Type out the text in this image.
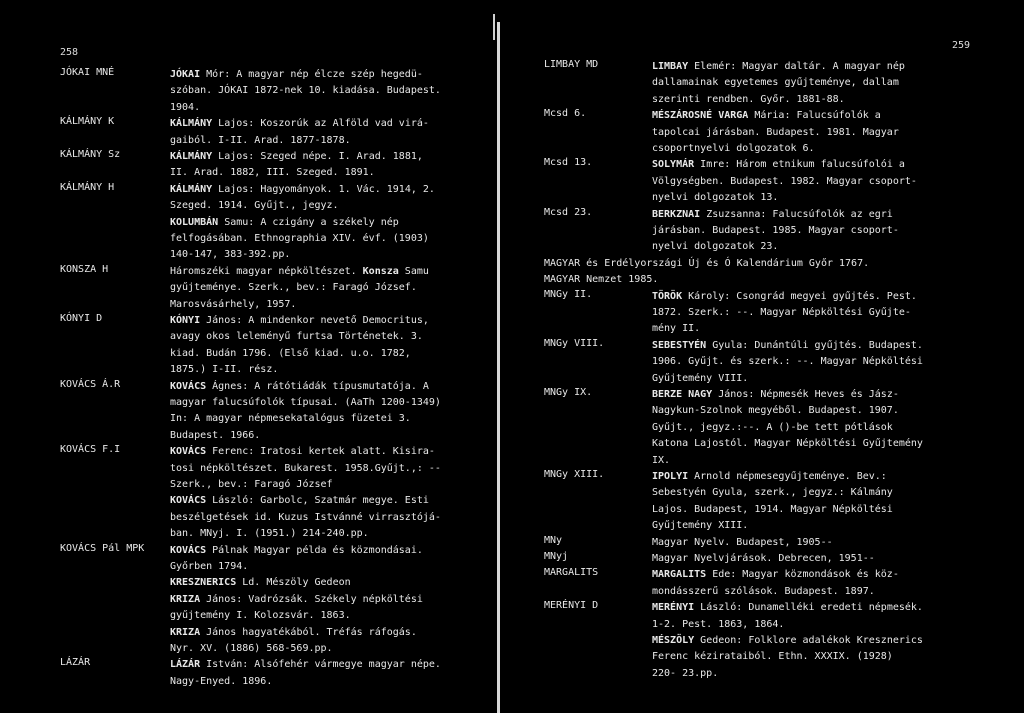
258
JÓKAI MNÉ	JÓKAI Mór: A magyar nép élcze szép hegedü-
szóban. JÓKAI 1872-nek 10. kiadása. Budapest.
1904.
KÁLMÁNY K	KÁLMÁNY Lajos: Koszorúk az Alföld vad virá-
gaiból. I-II. Arad. 1877-1878.
KÁLMÁNY Sz	KÁLMÁNY Lajos: Szeged népe. I. Arad. 1881,
II. Arad. 1882, III. Szeged. 1891.
KÁLMÁNY H	KÁLMÁNY Lajos: Hagyományok. 1. Vác. 1914, 2.
Szeged. 1914. Gyűjt., jegyz.
KOLUMBÁN Samu: A czigány a székely nép
felfogásában. Ethnographia XIV. évf. (1903)
140-147, 383-392.pp.
KONSZA H	Háromszéki magyar népköltészet. Konsza Samu
gyűjteménye. Szerk., bev.: Faragó József.
Marosvásárhely, 1957.
KÓNYI D	KÓNYI János: A mindenkor nevető Democritus,
avagy okos leleményű furtsa Történetek. 3.
kiad. Budán 1796. (Első kiad. u.o. 1782,
1875.) I-II. rész.
KOVÁCS Á.R	KOVÁCS Ágnes: A rátótiádák típusmutatója. A
magyar falucsúfolók típusai. (AaTh 1200-1349)
In: A magyar népmesekatalógus füzetei 3.
Budapest. 1966.
KOVÁCS F.I	KOVÁCS Ferenc: Iratosi kertek alatt. Kisira-
tosi népköltészet. Bukarest. 1958.Gyűjt.,: --
Szerk., bev.: Faragó József
KOVÁCS László: Garbolc, Szatmár megye. Esti
beszélgetések id. Kuzus Istvánné virrasztójá-
ban. MNyj. I. (1951.) 214-240.pp.
KOVÁCS Pál MPK	KOVÁCS Pálnak Magyar példa és közmondásai.
Győrben 1794.
KRESZNERICS Ld. Mészöly Gedeon
KRIZA János: Vadrózsák. Székely népköltési
gyűjtemény I. Kolozsvár. 1863.
KRIZA János hagyatékából. Tréfás ráfogás.
Nyr. XV. (1886) 568-569.pp.
LÁZÁR	LÁZÁR István: Alsófehér vármegye magyar népe.
Nagy-Enyed. 1896.
259
LIMBAY MD	LIMBAY Elemér: Magyar daltár. A magyar nép
dallamainak egyetemes gyűjteménye, dallam
szerinti rendben. Győr. 1881-88.
Mcsd 6.	MÉSZÁROSNÉ VARGA Mária: Falucsúfolók a
tapolcai járásban. Budapest. 1981. Magyar
csoportnyelvi dolgozatok 6.
Mcsd 13.	SOLYMÁR Imre: Három etnikum falucsúfolói a
Völgységben. Budapest. 1982. Magyar csoport-
nyelvi dolgozatok 13.
Mcsd 23.	BERKZNAI Zsuzsanna: Falucsúfolók az egri
járásban. Budapest. 1985. Magyar csoport-
nyelvi dolgozatok 23.
MAGYAR és Erdélyországi Új és Ó Kalendárium Győr 1767.
MAGYAR Nemzet 1985.
MNGy II.	TÖRÖK Károly: Csongrád megyei gyűjtés. Pest.
1872. Szerk.: --. Magyar Népköltési Gyűjte-
mény II.
MNGy VIII.	SEBESTYÉN Gyula: Dunántúli gyűjtés. Budapest.
1906. Gyűjt. és szerk.: --. Magyar Népköltési
Gyűjtemény VIII.
MNGy IX.	BERZE NAGY János: Népmesék Heves és Jász-
Nagykun-Szolnok megyéből. Budapest. 1907.
Gyűjt., jegyz.:--. A ()-be tett pótlások
Katona Lajostól. Magyar Népköltési Gyűjtemény
IX.
MNGy XIII.	IPOLYI Arnold népmesegyűjteménye. Bev.:
Sebestyén Gyula, szerk., jegyz.: Kálmány
Lajos. Budapest, 1914. Magyar Népköltési
Gyűjtemény XIII.
MNy	Magyar Nyelv. Budapest, 1905--
MNyj	Magyar Nyelvjárások. Debrecen, 1951--
MARGALITS	MARGALITS Ede: Magyar közmondások és köz-
mondásszerű szólások. Budapest. 1897.
MERÉNYI D	MERÉNYI László: Dunamelléki eredeti népmesék.
1-2. Pest. 1863, 1864.
MÉSZÖLY Gedeon: Folklore adalékok Kresznerics
Ferenc kézirataiból. Ethn. XXXIX. (1928)
220- 23.pp.
